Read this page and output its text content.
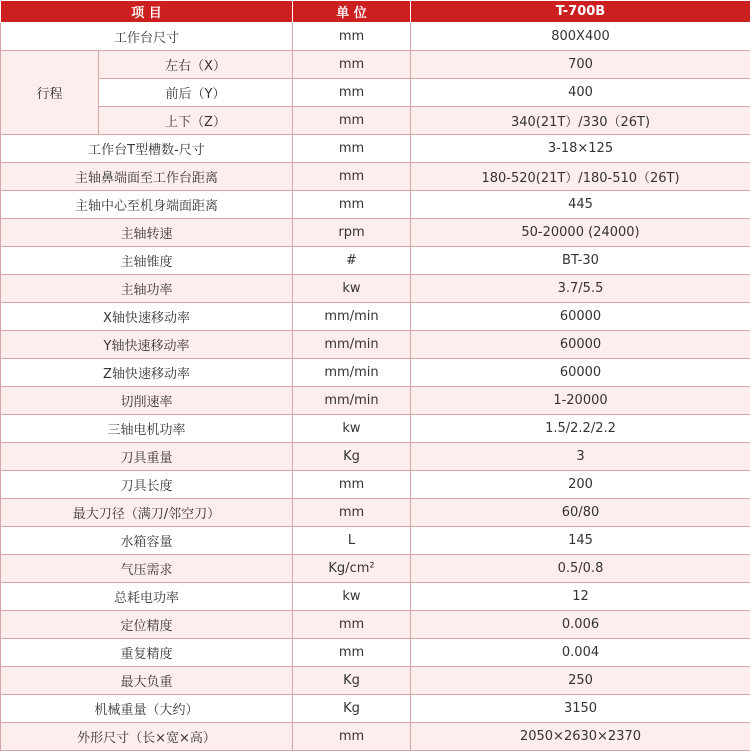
项 目		单 位	T-700B
工作台尺寸		mm	800X400
行程	左右（X）	mm	700
	前后（Y）	mm	400
	上下（Z）	mm	340(21T）/330（26T)
工作台T型槽数-尺寸		mm	3-18×125
主轴鼻端面至工作台距离		mm	180-520(21T）/180-510（26T)
主轴中心至机身端面距离		mm	445
主轴转速		rpm	50-20000 (24000)
主轴锥度		#	BT-30
主轴功率		kw	3.7/5.5
X轴快速移动率		mm/min	60000
Y轴快速移动率		mm/min	60000
Z轴快速移动率		mm/min	60000
切削速率		mm/min	1-20000
三轴电机功率		kw	1.5/2.2/2.2
刀具重量		Kg	3
刀具长度		mm	200
最大刀径（满刀/邻空刀）		mm	60/80
水箱容量		L	145
气压需求		Kg/cm²	0.5/0.8
总耗电功率		kw	12
定位精度		mm	0.006
重复精度		mm	0.004
最大负重		Kg	250
机械重量（大约）		Kg	3150
外形尺寸（长×宽×高）		mm	2050×2630×2370
